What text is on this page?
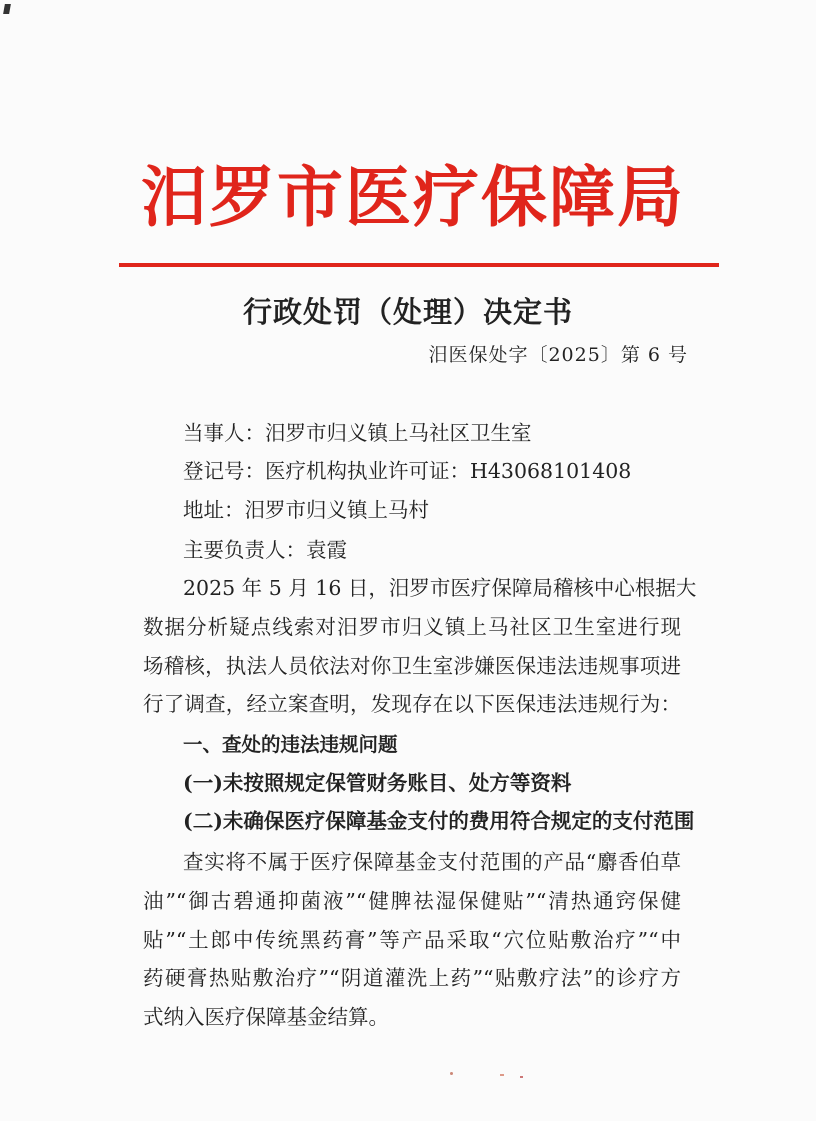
汨罗市医疗保障局
行政处罚（处理）决定书
汨医保处字〔2025〕第 6 号
当事人：汨罗市归义镇上马社区卫生室
登记号：医疗机构执业许可证：H43068101408
地址：汨罗市归义镇上马村
主要负责人：袁霞
2025 年 5 月 16 日，汨罗市医疗保障局稽核中心根据大
数据分析疑点线索对汨罗市归义镇上马社区卫生室进行现
场稽核，执法人员依法对你卫生室涉嫌医保违法违规事项进
行了调查，经立案查明，发现存在以下医保违法违规行为：
一、查处的违法违规问题
(一)未按照规定保管财务账目、处方等资料
(二)未确保医疗保障基金支付的费用符合规定的支付范围
查实将不属于医疗保障基金支付范围的产品“麝香伯草
油”“御古碧通抑菌液”“健脾祛湿保健贴”“清热通窍保健
贴”“土郎中传统黑药膏”等产品采取“穴位贴敷治疗”“中
药硬膏热贴敷治疗”“阴道灌洗上药”“贴敷疗法”的诊疗方
式纳入医疗保障基金结算。
